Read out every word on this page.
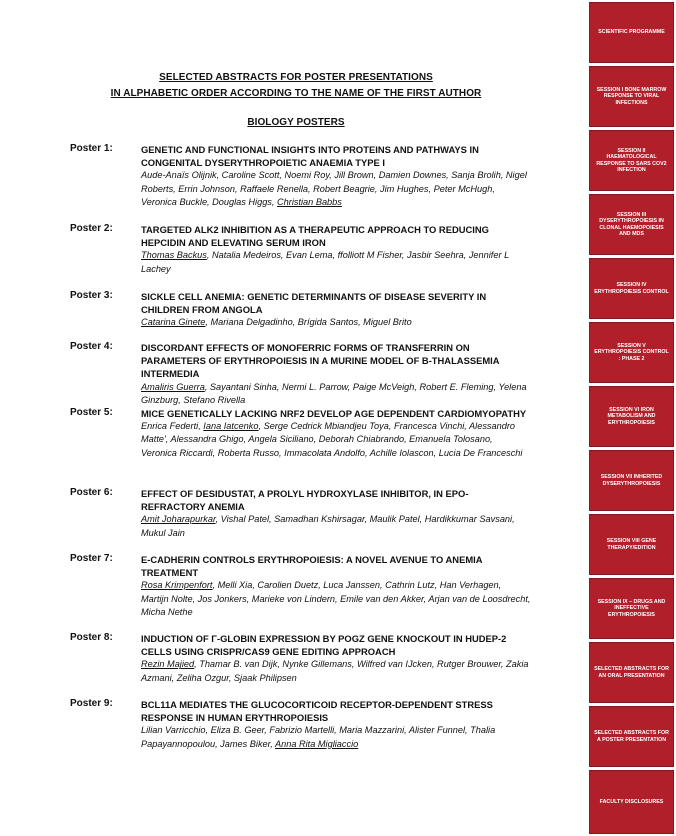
SELECTED ABSTRACTS FOR POSTER PRESENTATIONS
IN ALPHABETIC ORDER ACCORDING TO THE NAME OF THE FIRST AUTHOR
BIOLOGY POSTERS
Poster 1:	GENETIC AND FUNCTIONAL INSIGHTS INTO PROTEINS AND PATHWAYS IN CONGENITAL DYSERYTHROPOIETIC ANAEMIA TYPE I
Aude-Anaïs Olijnik, Caroline Scott, Noemi Roy, Jill Brown, Damien Downes, Sanja Brolih, Nigel Roberts, Errin Johnson, Raffaele Renella, Robert Beagrie, Jim Hughes, Peter McHugh, Veronica Buckle, Douglas Higgs, Christian Babbs
Poster 2:	TARGETED ALK2 INHIBITION AS A THERAPEUTIC APPROACH TO REDUCING HEPCIDIN AND ELEVATING SERUM IRON
Thomas Backus, Natalia Medeiros, Evan Lema, ffolliott M Fisher, Jasbir Seehra, Jennifer L Lachey
Poster 3:	SICKLE CELL ANEMIA: GENETIC DETERMINANTS OF DISEASE SEVERITY IN CHILDREN FROM ANGOLA
Catarina Ginete, Mariana Delgadinho, Brígida Santos, Miguel Brito
Poster 4:	DISCORDANT EFFECTS OF MONOFERRIC FORMS OF TRANSFERRIN ON PARAMETERS OF ERYTHROPOIESIS IN A MURINE MODEL OF B-THALASSEMIA INTERMEDIA
Amaliris Guerra, Sayantani Sinha, Nermi L. Parrow, Paige McVeigh, Robert E. Fleming, Yelena Ginzburg, Stefano Rivella
Poster 5:	MICE GENETICALLY LACKING NRF2 DEVELOP AGE DEPENDENT CARDIOMYOPATHY
Enrica Federti, Iana Iatcenko, Serge Cedrick Mbiandjeu Toya, Francesca Vinchi, Alessandro Matte', Alessandra Ghigo, Angela Siciliano, Deborah Chiabrando, Emanuela Tolosano, Veronica Riccardi, Roberta Russo, Immacolata Andolfo, Achille Iolascon, Lucia De Franceschi
Poster 6:	EFFECT OF DESIDUSTAT, A PROLYL HYDROXYLASE INHIBITOR, IN EPO-REFRACTORY ANEMIA
Amit Joharapurkar, Vishal Patel, Samadhan Kshirsagar, Maulik Patel, Hardikkumar Savsani, Mukul Jain
Poster 7:	E-CADHERIN CONTROLS ERYTHROPOIESIS: A NOVEL AVENUE TO ANEMIA TREATMENT
Rosa Krimpenfort, Melli Xia, Carolien Duetz, Luca Janssen, Cathrin Lutz, Han Verhagen, Martijn Nolte, Jos Jonkers, Marieke von Lindern, Emile van den Akker, Arjan van de Loosdrecht, Micha Nethe
Poster 8:	INDUCTION OF Γ-GLOBIN EXPRESSION BY POGZ GENE KNOCKOUT IN HUDEP-2 CELLS USING CRISPR/CAS9 GENE EDITING APPROACH
Rezin Majied, Thamar B. van Dijk, Nynke Gillemans, Wilfred van IJcken, Rutger Brouwer, Zakia Azmani, Zeliha Ozgur, Sjaak Philipsen
Poster 9:	BCL11A MEDIATES THE GLUCOCORTICOID RECEPTOR-DEPENDENT STRESS RESPONSE IN HUMAN ERYTHROPOIESIS
Lilian Varricchio, Eliza B. Geer, Fabrizio Martelli, Maria Mazzarini, Alister Funnel, Thalia Papayannopoulou, James Biker, Anna Rita Migliaccio
SCIENTIFIC PROGRAMME
SESSION I BONE MARROW RESPONSE TO VIRAL INFECTIONS
SESSION II HAEMATOLOGICAL RESPONSE TO SARS COV2 INFECTION
SESSION III DYSERYTHROPOIESIS IN CLONAL HAEMOPOIESIS AND MDS
SESSION IV ERYTHROPOIESIS CONTROL
SESSION V ERYTHROPOIESIS CONTROL : PHASE 2
SESSION VI IRON METABOLISM AND ERYTHROPOIESIS
SESSION VII INHERITED DYSERYTHROPOIESIS
SESSION VIII GENE THERAPY/EDITION
SESSION IX – DRUGS AND INEFFECTIVE ERYTHROPOIESIS
SELECTED ABSTRACTS FOR AN ORAL PRESENTATION
SELECTED ABSTRACTS FOR A POSTER PRESENTATION
FACULTY DISCLOSURES
